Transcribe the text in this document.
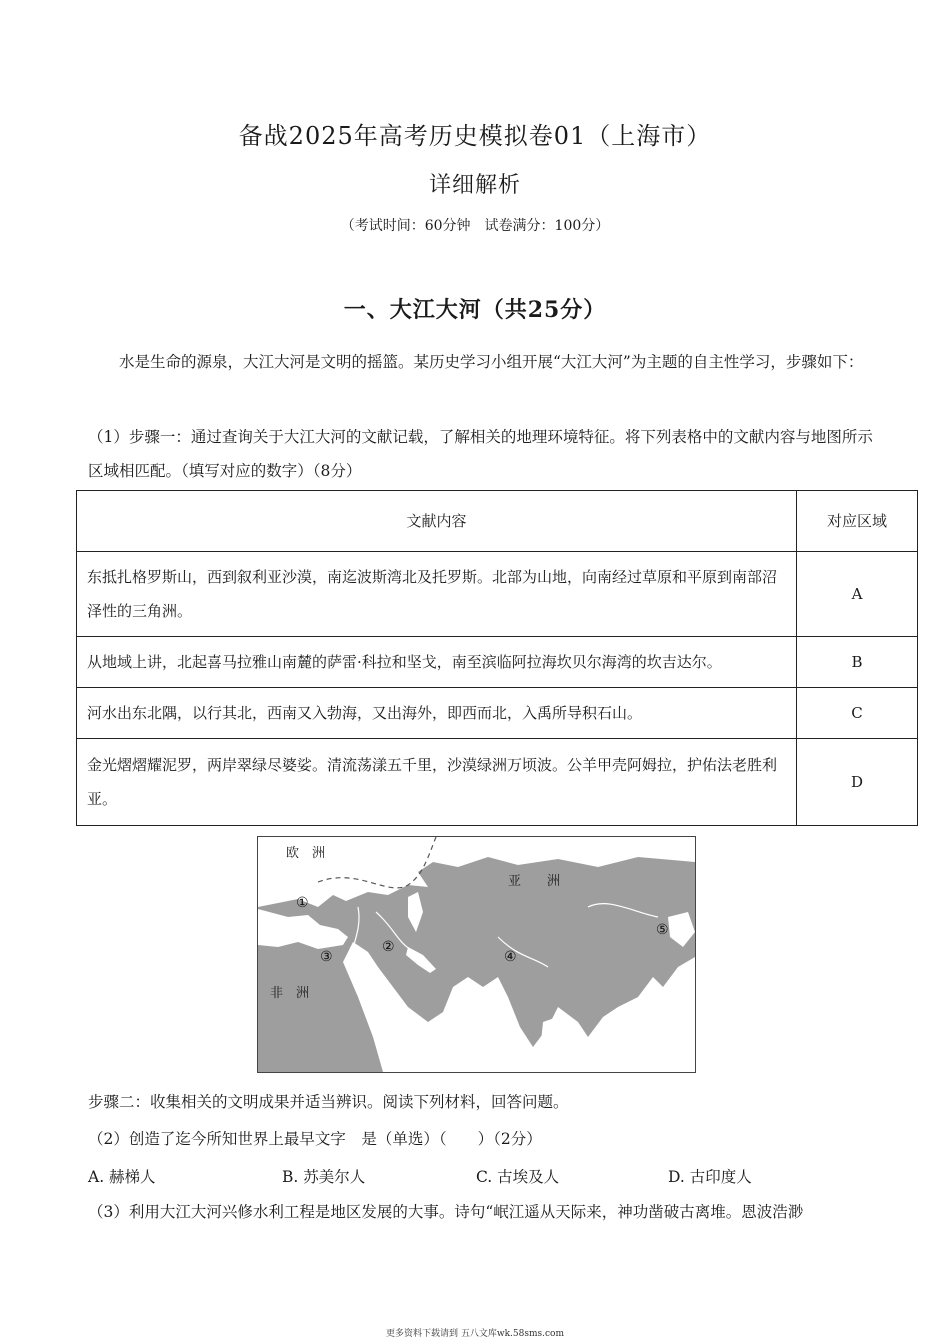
备战2025年高考历史模拟卷01（上海市）
详细解析
（考试时间：60分钟　试卷满分：100分）
一、大江大河（共25分）
水是生命的源泉，大江大河是文明的摇篮。某历史学习小组开展“大江大河”为主题的自主性学习，步骤如下：
（1）步骤一：通过查询关于大江大河的文献记载，了解相关的地理环境特征。将下列表格中的文献内容与地图所示区域相匹配。（填写对应的数字）（8分）
文献内容	对应区域
东抵扎格罗斯山，西到叙利亚沙漠，南迄波斯湾北及托罗斯。北部为山地，向南经过草原和平原到南部沼泽性的三角洲。	A
从地域上讲，北起喜马拉雅山南麓的萨雷·科拉和坚戈，南至滨临阿拉海坎贝尔海湾的坎吉达尔。	B
河水出东北隅，以行其北，西南又入勃海，又出海外，即西而北，入禹所导积石山。	C
金光熠熠耀泥罗，两岸翠绿尽婆娑。清流荡漾五千里，沙漠绿洲万顷波。公羊甲壳阿姆拉，护佑法老胜利亚。	D
欧　洲
亚　　洲
非　洲
①
②
③	④
⑤
步骤二：收集相关的文明成果并适当辨识。阅读下列材料，回答问题。
（2）创造了迄今所知世界上最早文字　是（单选）（　　）（2分）
A. 赫梯人	B. 苏美尔人	C. 古埃及人	D. 古印度人
（3）利用大江大河兴修水利工程是地区发展的大事。诗句“岷江遥从天际来，神功凿破古离堆。恩波浩渺
更多资料下载请到 五八文库wk.58sms.com
